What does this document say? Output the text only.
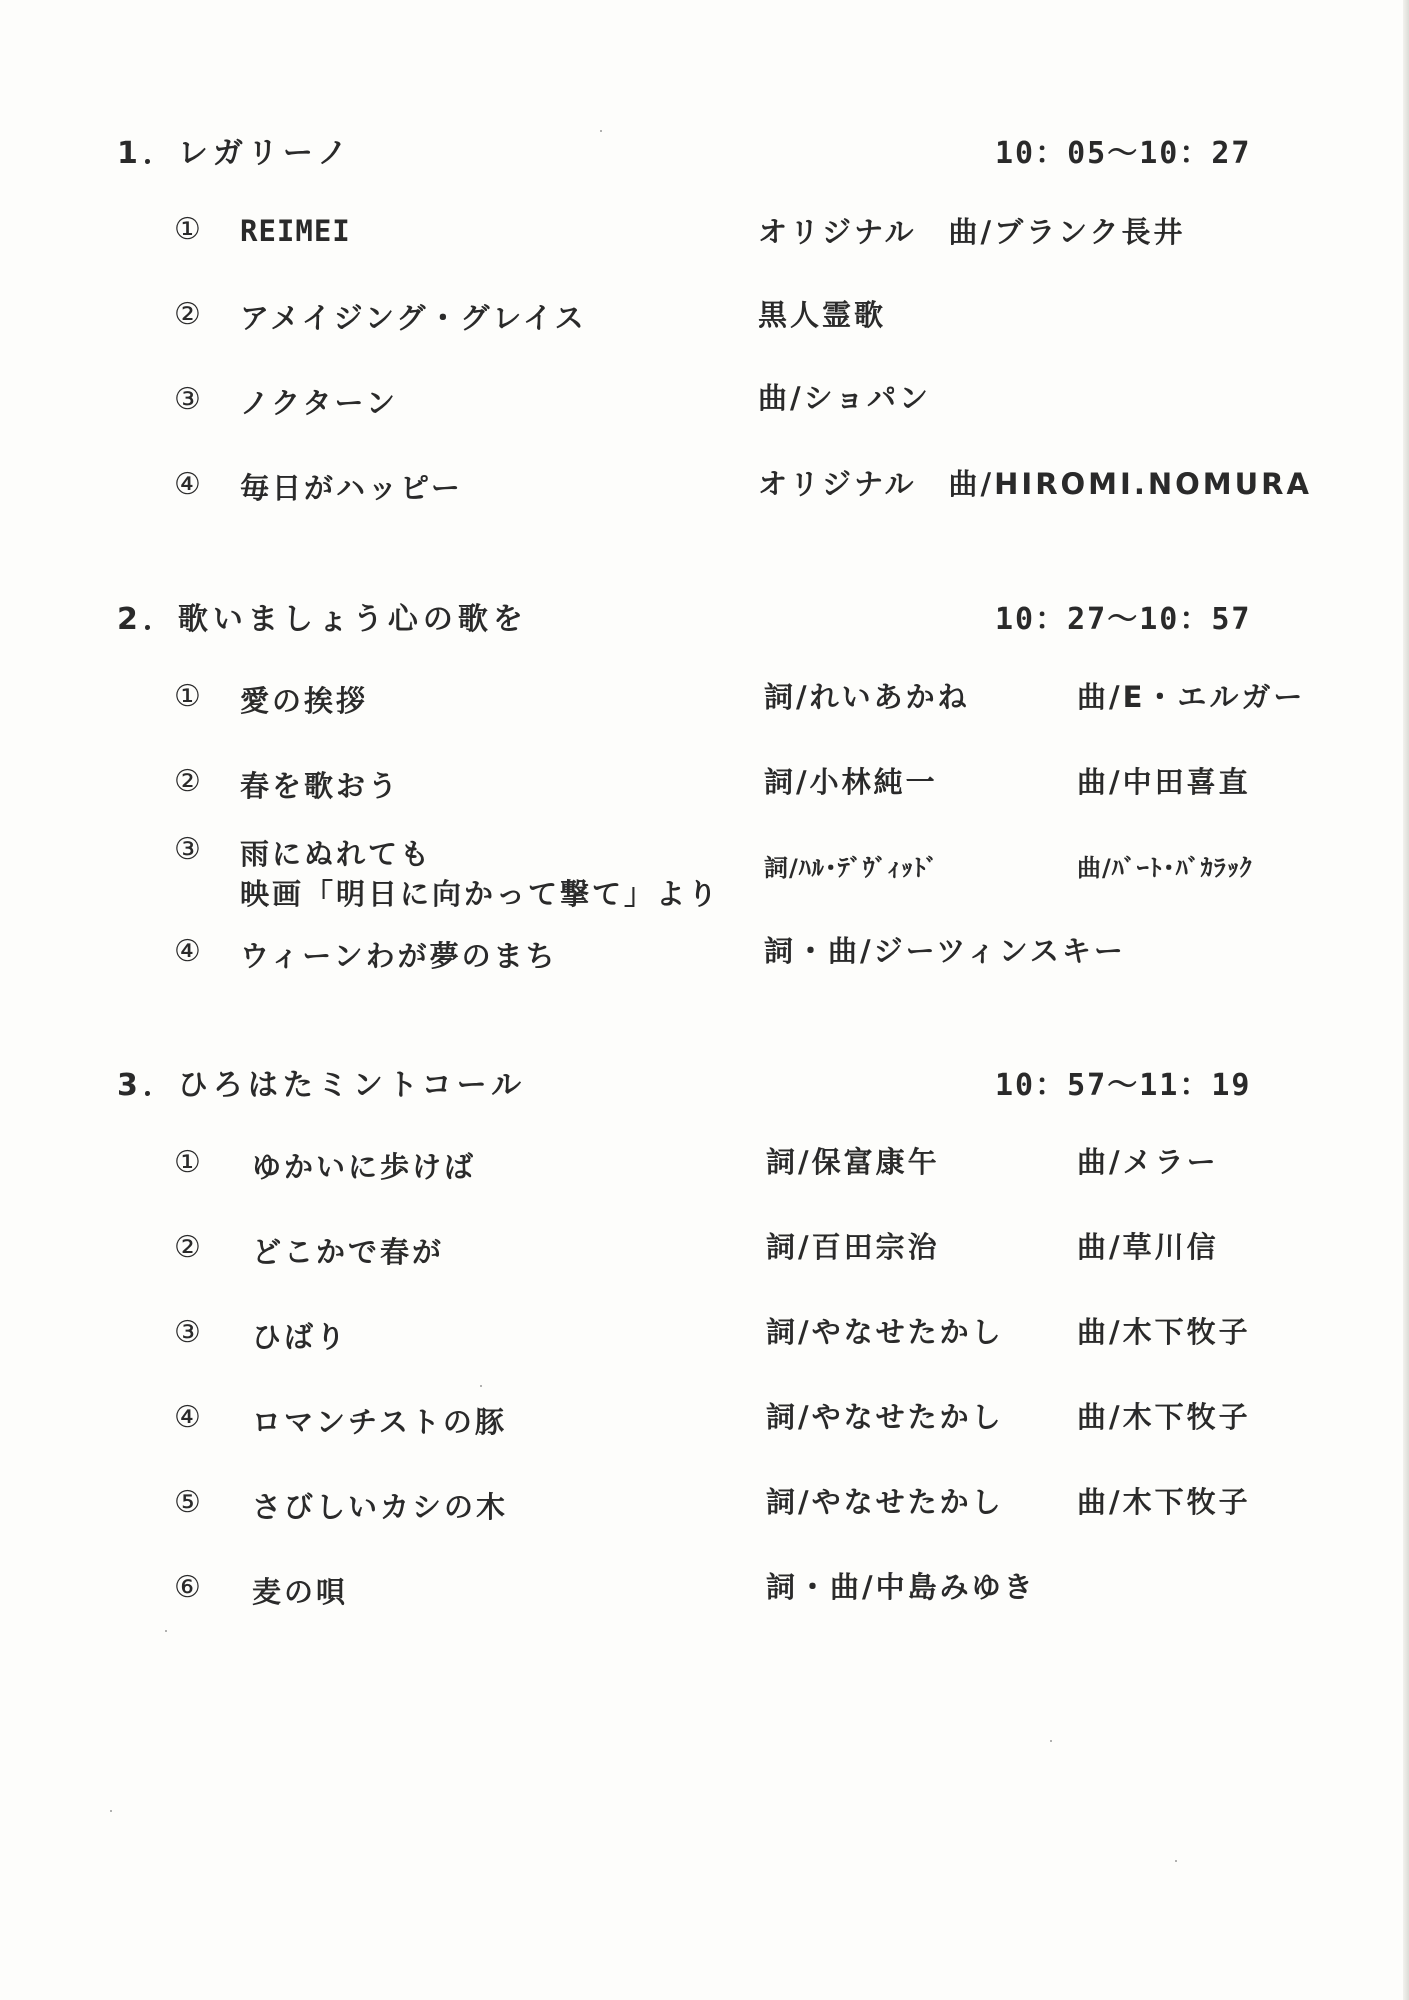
1．レガリーノ	10：05～10：27
① REIMEI	オリジナル　曲/ブランク長井
② アメイジング・グレイス	黒人霊歌
③ ノクターン	曲/ショパン
④ 毎日がハッピー	オリジナル　曲/HIROMI.NOMURA
2．歌いましょう心の歌を	10：27～10：57
① 愛の挨拶	詞/れいあかね	曲/E・エルガー
② 春を歌おう	詞/小林純一	曲/中田喜直
③ 雨にぬれても
映画「明日に向かって撃て」より
詞/ﾊﾙ･ﾃﾞｳﾞｨｯﾄﾞ	曲/ﾊﾞｰﾄ･ﾊﾞｶﾗｯｸ
④ ウィーンわが夢のまち	詞・曲/ジーツィンスキー
3．ひろはたミントコール	10：57～11：19
① ゆかいに歩けば	詞/保富康午	曲/メラー
② どこかで春が	詞/百田宗治	曲/草川信
③ ひばり	詞/やなせたかし	曲/木下牧子
④ ロマンチストの豚	詞/やなせたかし	曲/木下牧子
⑤ さびしいカシの木	詞/やなせたかし	曲/木下牧子
⑥ 麦の唄	詞・曲/中島みゆき
